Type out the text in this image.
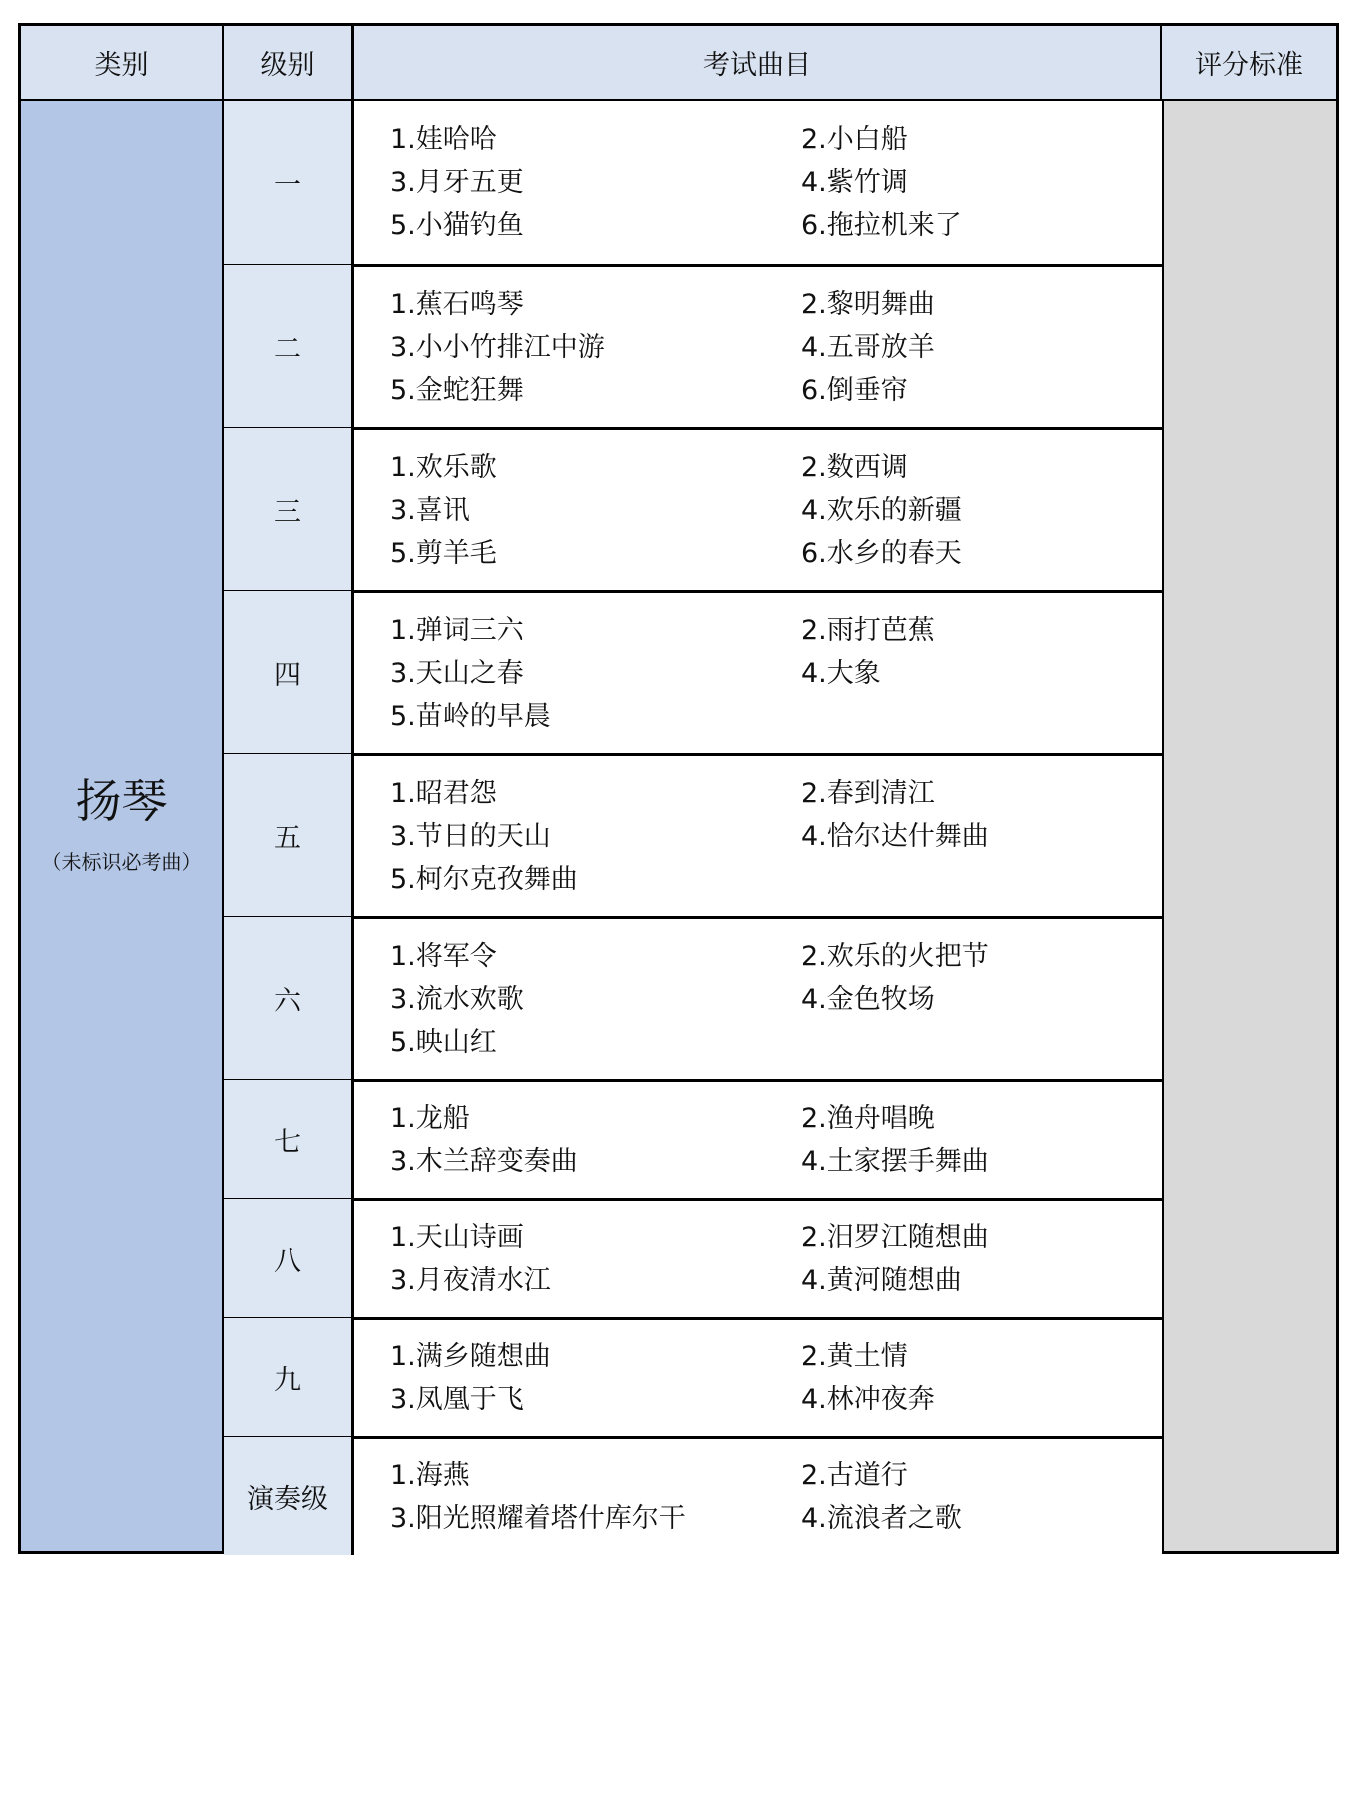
类别	级别	考试曲目	评分标准
扬琴
（未标识必考曲）
一
1.娃哈哈	2.小白船
3.月牙五更	4.紫竹调
5.小猫钓鱼	6.拖拉机来了
二
1.蕉石鸣琴	2.黎明舞曲
3.小小竹排江中游	4.五哥放羊
5.金蛇狂舞	6.倒垂帘
三
1.欢乐歌	2.数西调
3.喜讯	4.欢乐的新疆
5.剪羊毛	6.水乡的春天
四
1.弹词三六	2.雨打芭蕉
3.天山之春	4.大象
5.苗岭的早晨
五
1.昭君怨	2.春到清江
3.节日的天山	4.恰尔达什舞曲
5.柯尔克孜舞曲
六
1.将军令	2.欢乐的火把节
3.流水欢歌	4.金色牧场
5.映山红
七
1.龙船	2.渔舟唱晚
3.木兰辞变奏曲	4.土家摆手舞曲
八
1.天山诗画	2.汨罗江随想曲
3.月夜清水江	4.黄河随想曲
九
1.满乡随想曲	2.黄土情
3.凤凰于飞	4.林冲夜奔
演奏级
1.海燕	2.古道行
3.阳光照耀着塔什库尔干	4.流浪者之歌
